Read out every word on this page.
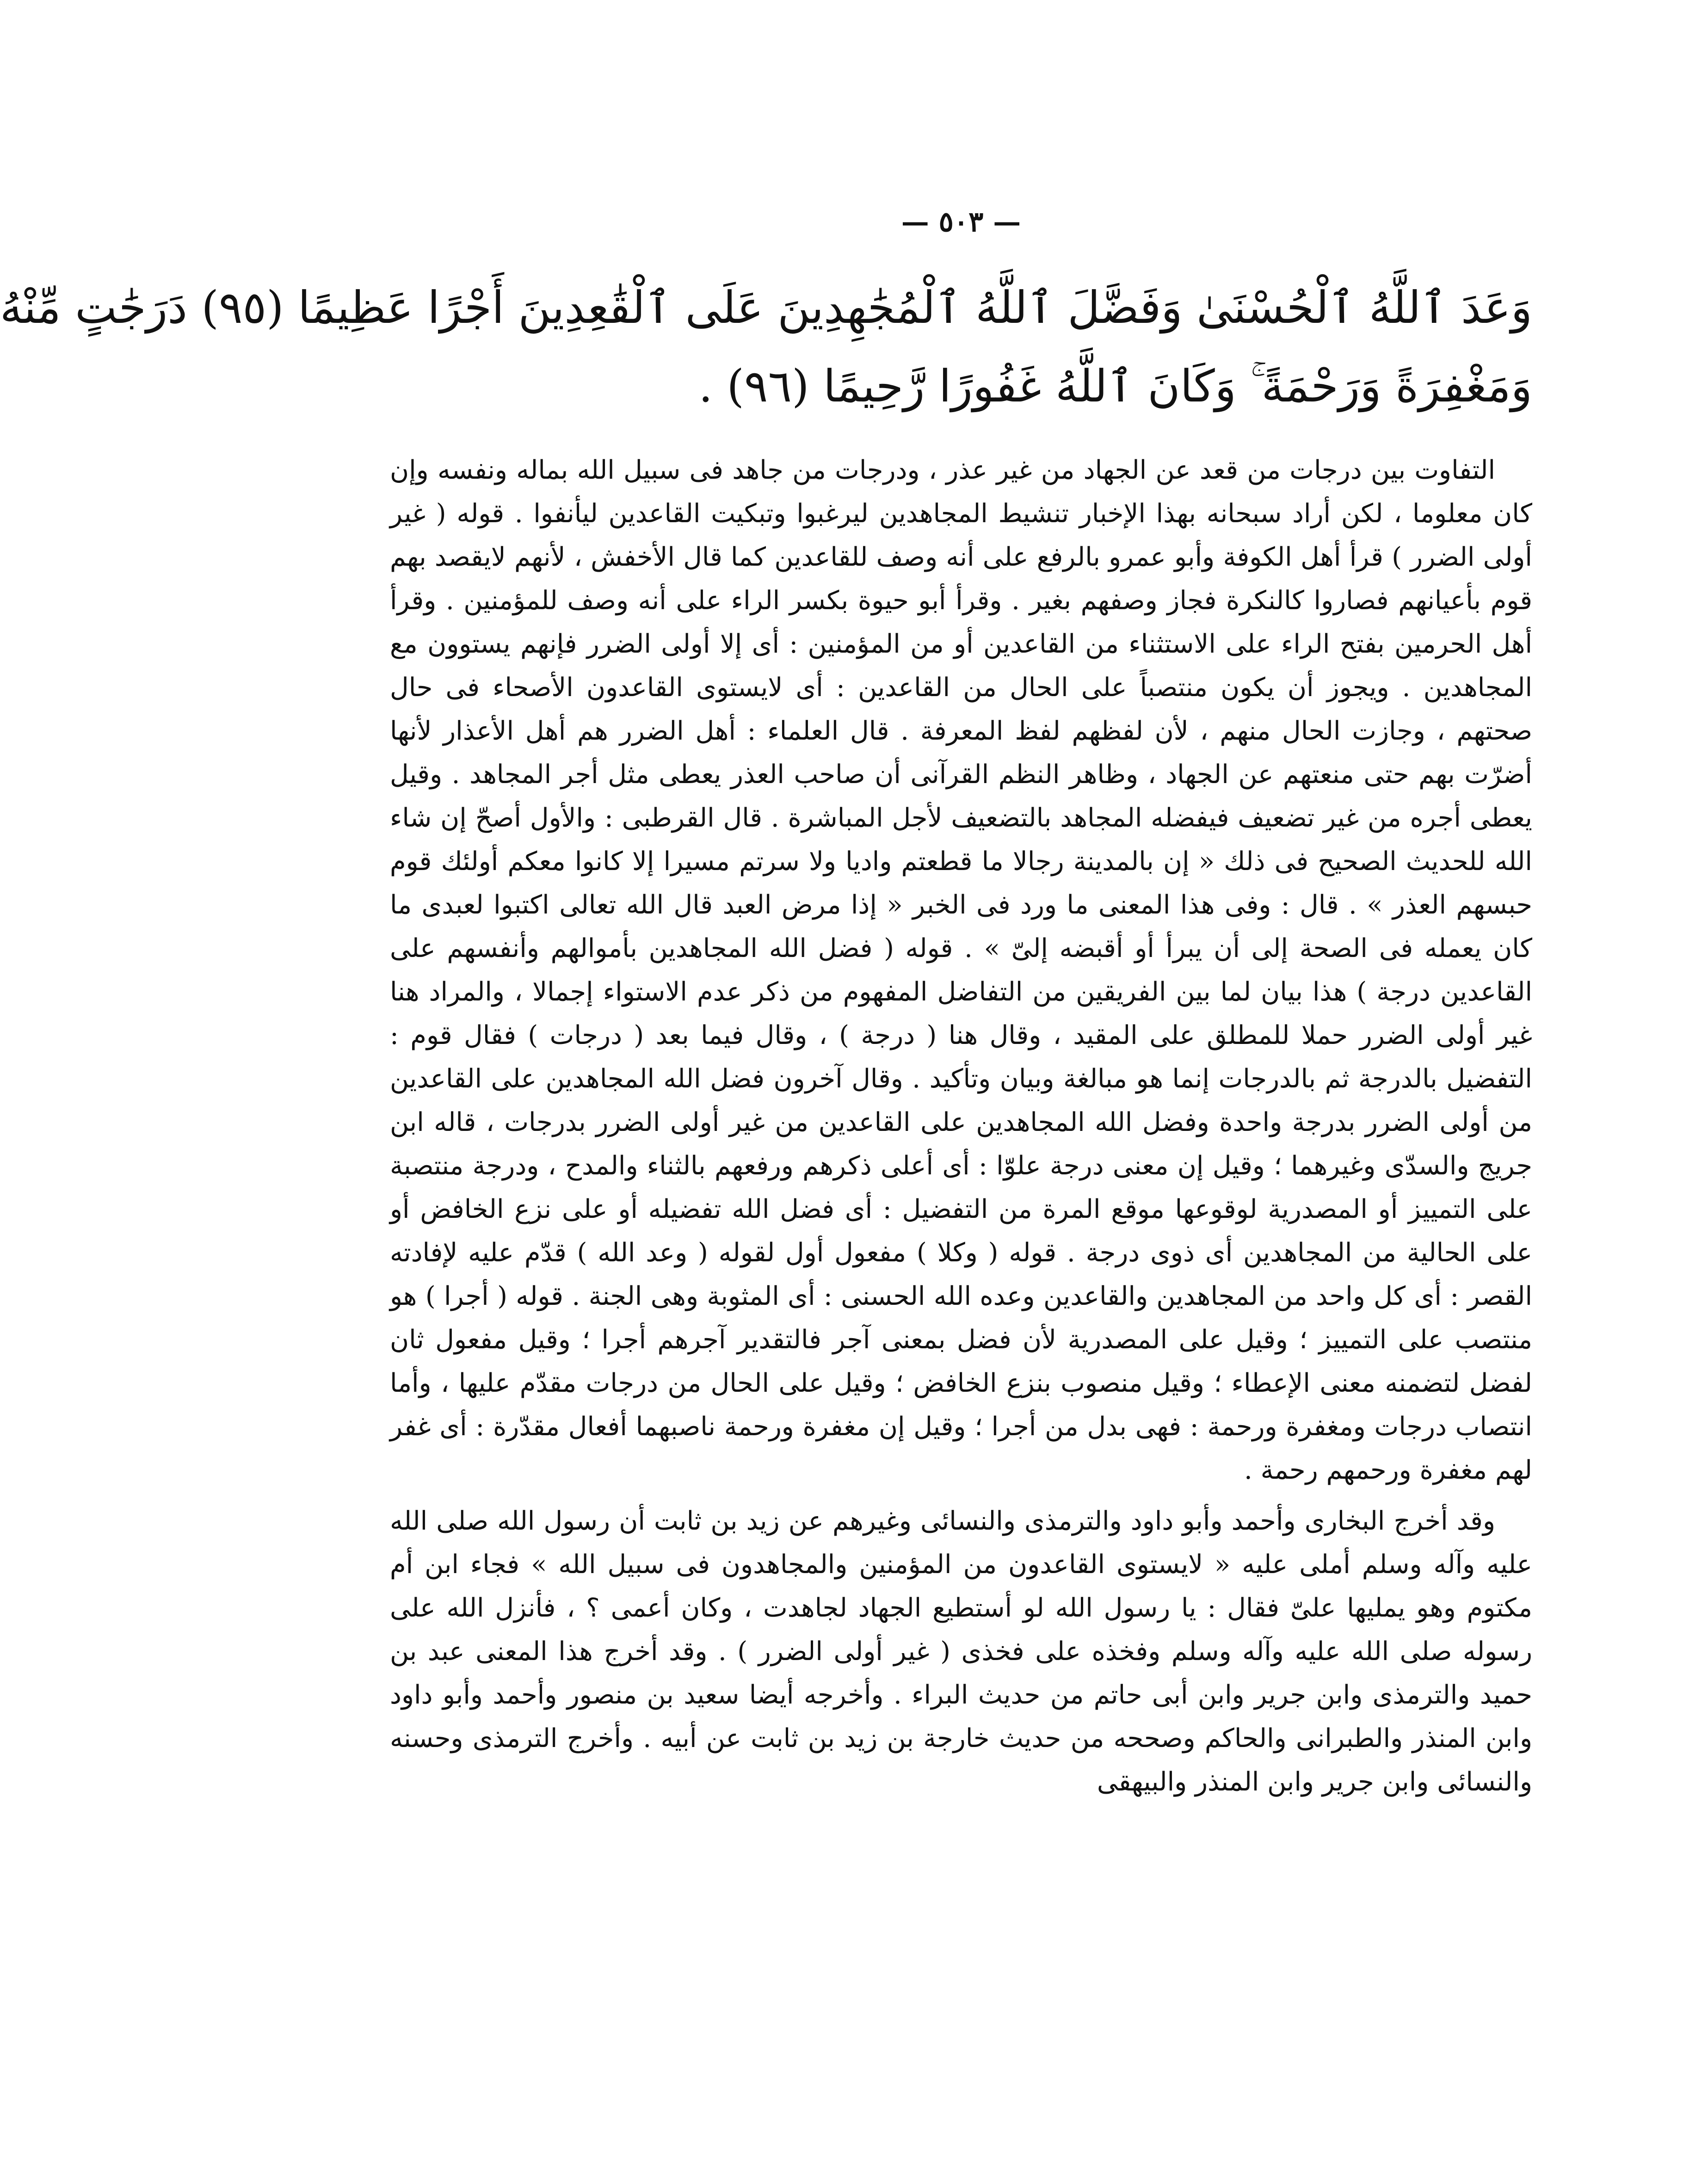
— ٥٠٣ —
وَعَدَ ٱللَّهُ ٱلْحُسْنَىٰ وَفَضَّلَ ٱللَّهُ ٱلْمُجَٰهِدِينَ عَلَى ٱلْقَٰعِدِينَ أَجْرًا عَظِيمًا (٩٥) دَرَجَٰتٍ مِّنْهُ
وَمَغْفِرَةً وَرَحْمَةً ۚ وَكَانَ ٱللَّهُ غَفُورًا رَّحِيمًا (٩٦) .

التفاوت بين درجات من قعد عن الجهاد من غير عذر ، ودرجات من جاهد فى سبيل الله بماله ونفسه وإن كان معلوما ، لكن أراد سبحانه بهذا الإخبار تنشيط المجاهدين ليرغبوا وتبكيت القاعدين ليأنفوا . قوله ( غير أولى الضرر ) قرأ أهل الكوفة وأبو عمرو بالرفع على أنه وصف للقاعدين كما قال الأخفش ، لأنهم لايقصد بهم قوم بأعيانهم فصاروا كالنكرة فجاز وصفهم بغير . وقرأ أبو حيوة بكسر الراء على أنه وصف للمؤمنين . وقرأ أهل الحرمين بفتح الراء على الاستثناء من القاعدين أو من المؤمنين : أى إلا أولى الضرر فإنهم يستوون مع المجاهدين . ويجوز أن يكون منتصباً على الحال من القاعدين : أى لايستوى القاعدون الأصحاء فى حال صحتهم ، وجازت الحال منهم ، لأن لفظهم لفظ المعرفة . قال العلماء : أهل الضرر هم أهل الأعذار لأنها أضرّت بهم حتى منعتهم عن الجهاد ، وظاهر النظم القرآنى أن صاحب العذر يعطى مثل أجر المجاهد . وقيل يعطى أجره من غير تضعيف فيفضله المجاهد بالتضعيف لأجل المباشرة . قال القرطبى : والأول أصحّ إن شاء الله للحديث الصحيح فى ذلك « إن بالمدينة رجالا ما قطعتم واديا ولا سرتم مسيرا إلا كانوا معكم أولئك قوم حبسهم العذر » . قال : وفى هذا المعنى ما ورد فى الخبر « إذا مرض العبد قال الله تعالى اكتبوا لعبدى ما كان يعمله فى الصحة إلى أن يبرأ أو أقبضه إلىّ » . قوله ( فضل الله المجاهدين بأموالهم وأنفسهم على القاعدين درجة ) هذا بيان لما بين الفريقين من التفاضل المفهوم من ذكر عدم الاستواء إجمالا ، والمراد هنا غير أولى الضرر حملا للمطلق على المقيد ، وقال هنا ( درجة ) ، وقال فيما بعد ( درجات ) فقال قوم : التفضيل بالدرجة ثم بالدرجات إنما هو مبالغة وبيان وتأكيد . وقال آخرون فضل الله المجاهدين على القاعدين من أولى الضرر بدرجة واحدة وفضل الله المجاهدين على القاعدين من غير أولى الضرر بدرجات ، قاله ابن جريج والسدّى وغيرهما ؛ وقيل إن معنى درجة علوّا : أى أعلى ذكرهم ورفعهم بالثناء والمدح ، ودرجة منتصبة على التمييز أو المصدرية لوقوعها موقع المرة من التفضيل : أى فضل الله تفضيله أو على نزع الخافض أو على الحالية من المجاهدين أى ذوى درجة . قوله ( وكلا ) مفعول أول لقوله ( وعد الله ) قدّم عليه لإفادته القصر : أى كل واحد من المجاهدين والقاعدين وعده الله الحسنى : أى المثوبة وهى الجنة . قوله ( أجرا ) هو منتصب على التمييز ؛ وقيل على المصدرية لأن فضل بمعنى آجر فالتقدير آجرهم أجرا ؛ وقيل مفعول ثان لفضل لتضمنه معنى الإعطاء ؛ وقيل منصوب بنزع الخافض ؛ وقيل على الحال من درجات مقدّم عليها ، وأما انتصاب درجات ومغفرة ورحمة : فهى بدل من أجرا ؛ وقيل إن مغفرة ورحمة ناصبهما أفعال مقدّرة : أى غفر لهم مغفرة ورحمهم رحمة .

وقد أخرج البخارى وأحمد وأبو داود والترمذى والنسائى وغيرهم عن زيد بن ثابت أن رسول الله صلى الله عليه وآله وسلم أملى عليه « لايستوى القاعدون من المؤمنين والمجاهدون فى سبيل الله » فجاء ابن أم مكتوم وهو يمليها علىّ فقال : يا رسول الله لو أستطيع الجهاد لجاهدت ، وكان أعمى ؟ ، فأنزل الله على رسوله صلى الله عليه وآله وسلم وفخذه على فخذى ( غير أولى الضرر ) . وقد أخرج هذا المعنى عبد بن حميد والترمذى وابن جرير وابن أبى حاتم من حديث البراء . وأخرجه أيضا سعيد بن منصور وأحمد وأبو داود وابن المنذر والطبرانى والحاكم وصححه من حديث خارجة بن زيد بن ثابت عن أبيه . وأخرج الترمذى وحسنه والنسائى وابن جرير وابن المنذر والبيهقى
